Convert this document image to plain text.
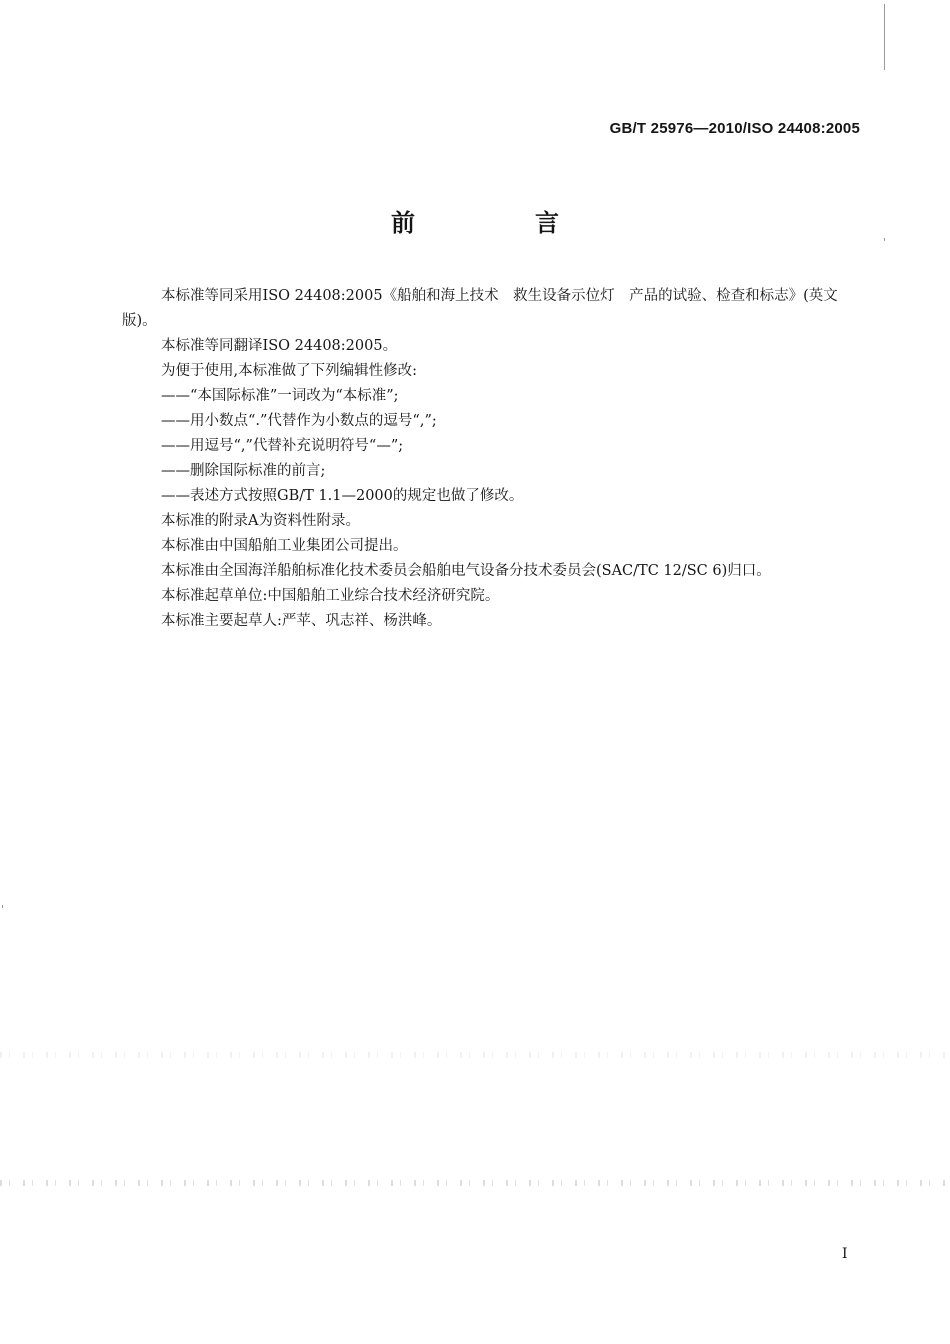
GB/T 25976—2010/ISO 24408:2005
前　言

本标准等同采用ISO 24408:2005《船舶和海上技术　救生设备示位灯　产品的试验、检查和标志》(英文版)。

本标准等同翻译ISO 24408:2005。

为便于使用,本标准做了下列编辑性修改:

——“本国际标准”一词改为“本标准”;

——用小数点“.”代替作为小数点的逗号“,”;

——用逗号“,”代替补充说明符号“—”;

——删除国际标准的前言;

——表述方式按照GB/T 1.1—2000的规定也做了修改。

本标准的附录A为资料性附录。

本标准由中国船舶工业集团公司提出。

本标准由全国海洋船舶标准化技术委员会船舶电气设备分技术委员会(SAC/TC 12/SC 6)归口。

本标准起草单位:中国船舶工业综合技术经济研究院。

本标准主要起草人:严苹、巩志祥、杨洪峰。

I
